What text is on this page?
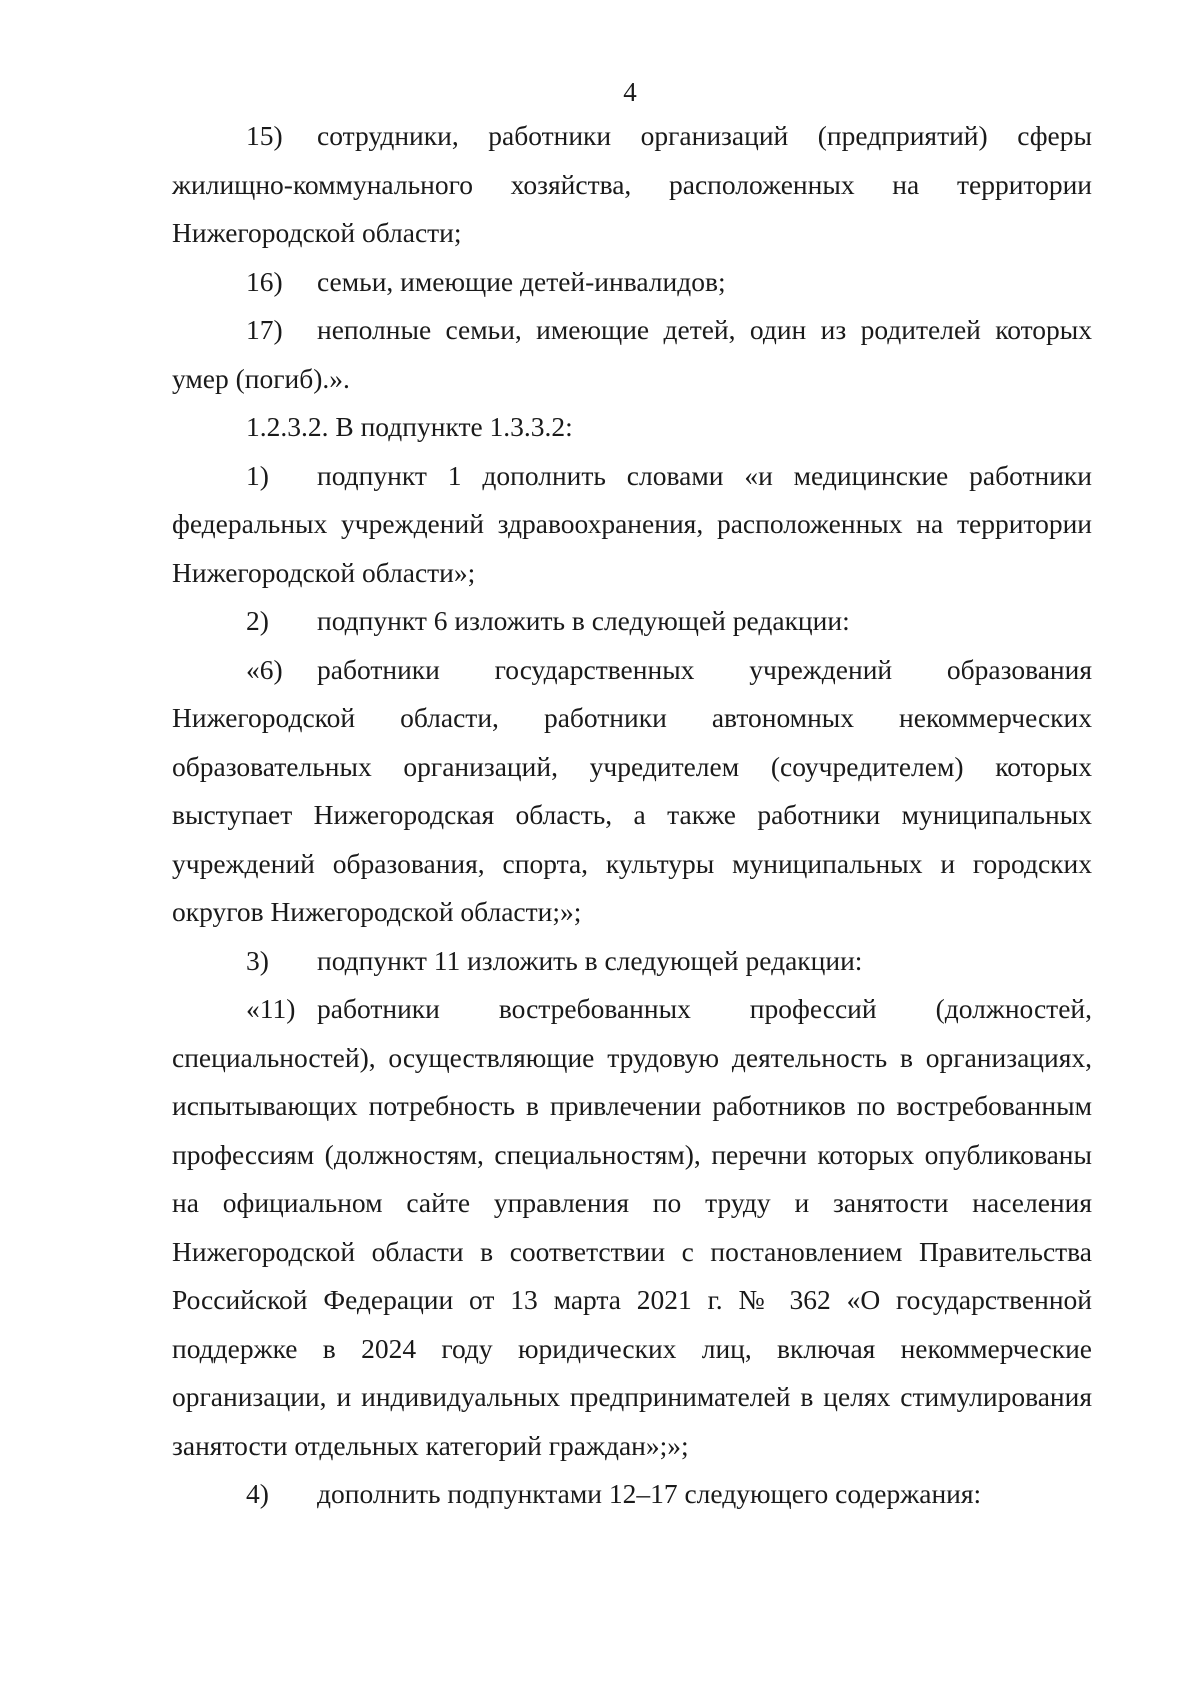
4

15) сотрудники, работники организаций (предприятий) сферы жилищно-коммунального хозяйства, расположенных на территории Нижегородской области;

16) семьи, имеющие детей-инвалидов;

17) неполные семьи, имеющие детей, один из родителей которых умер (погиб).».

1.2.3.2. В подпункте 1.3.3.2:

1) подпункт 1 дополнить словами «и медицинские работники федеральных учреждений здравоохранения, расположенных на территории Нижегородской области»;

2) подпункт 6 изложить в следующей редакции:

«6) работники государственных учреждений образования Нижегородской области, работники автономных некоммерческих образовательных организаций, учредителем (соучредителем) которых выступает Нижегородская область, а также работники муниципальных учреждений образования, спорта, культуры муниципальных и городских округов Нижегородской области;»;

3) подпункт 11 изложить в следующей редакции:

«11) работники востребованных профессий (должностей, специальностей), осуществляющие трудовую деятельность в организациях, испытывающих потребность в привлечении работников по востребованным профессиям (должностям, специальностям), перечни которых опубликованы на официальном сайте управления по труду и занятости населения Нижегородской области в соответствии с постановлением Правительства Российской Федерации от 13 марта 2021 г. № 362 «О государственной поддержке в 2024 году юридических лиц, включая некоммерческие организации, и индивидуальных предпринимателей в целях стимулирования занятости отдельных категорий граждан»;»;

4) дополнить подпунктами 12–17 следующего содержания:
